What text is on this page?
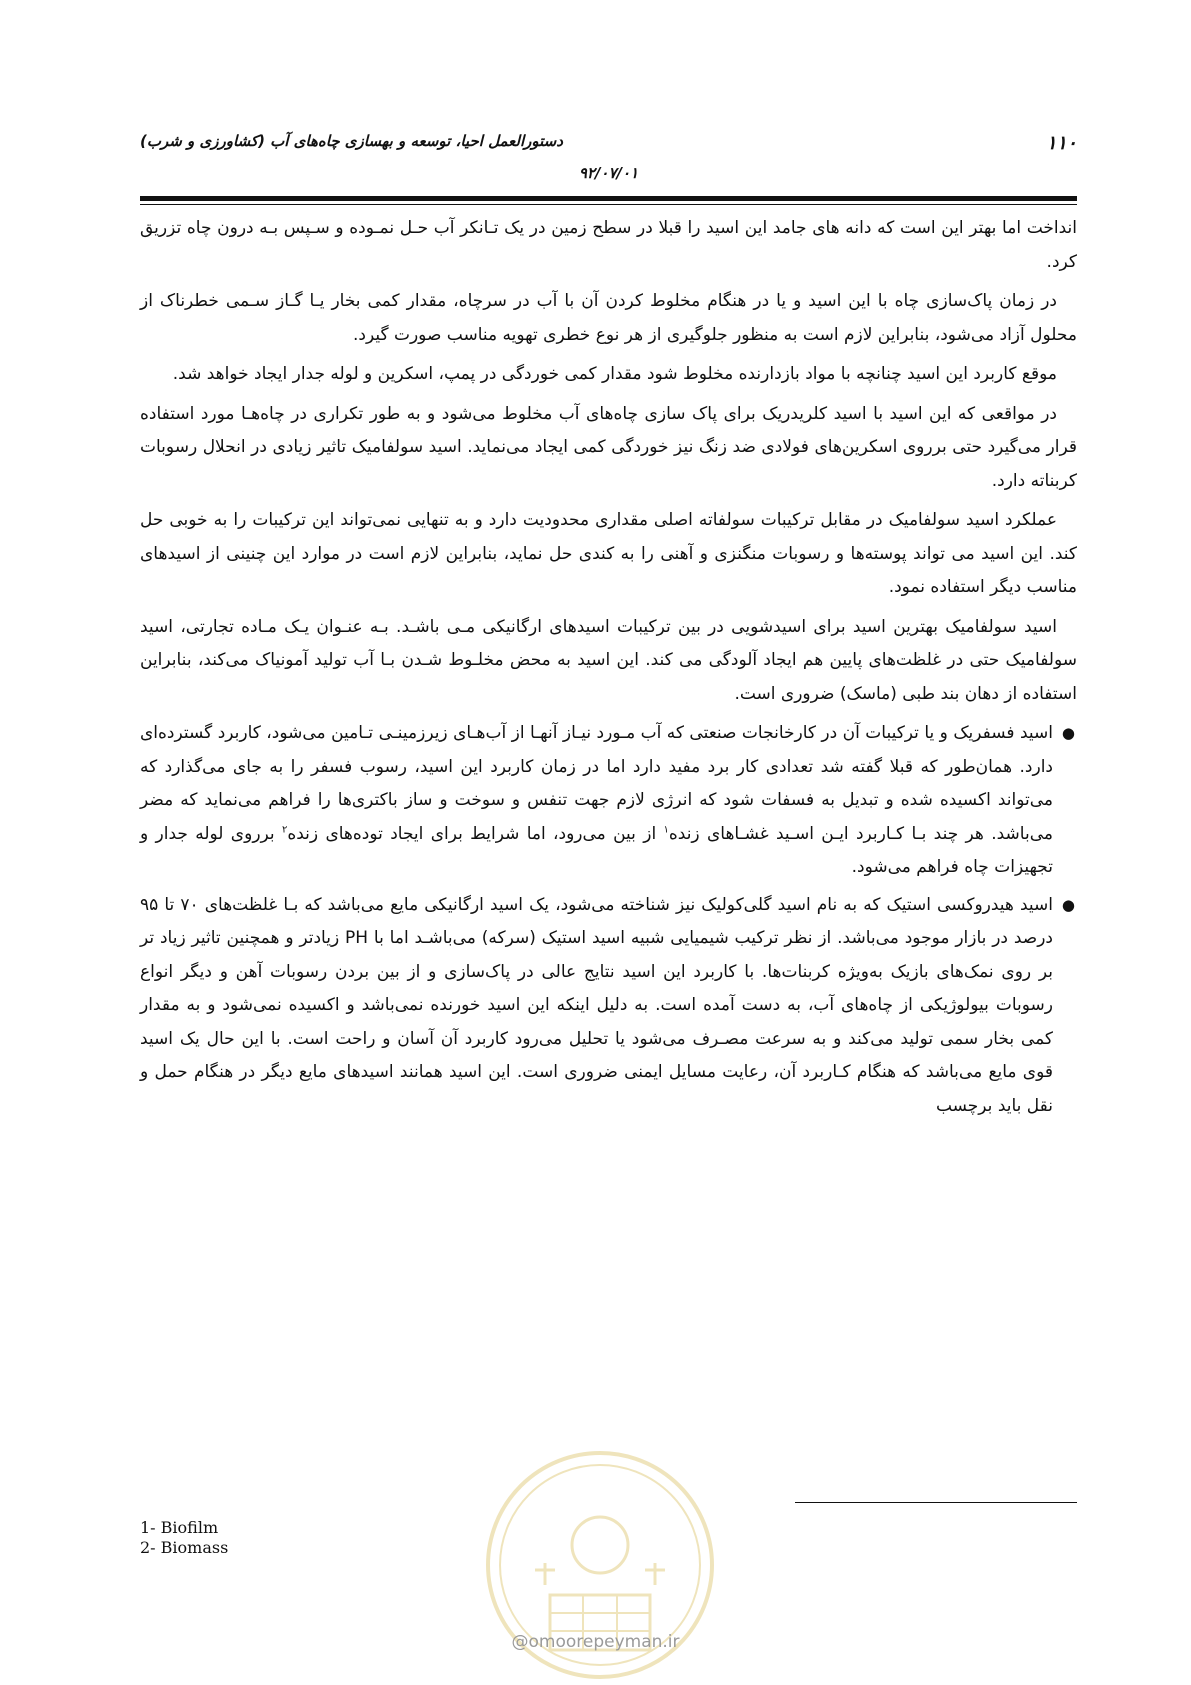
۱۱۰
دستورالعمل احیا، توسعه و بهسازی چاه‌های آب (کشاورزی و شرب)
۹۲/۰۷/۰۱

انداخت اما بهتر این است که دانه های جامد این اسید را قبلا در سطح زمین در یک تـانکر آب حـل نمـوده و سـپس بـه درون چاه تزریق کرد.

در زمان پاک‌سازی چاه با این اسید و یا در هنگام مخلوط کردن آن با آب در سرچاه، مقدار کمی بخار یـا گـاز سـمی خطرناک از محلول آزاد می‌شود، بنابراین لازم است به منظور جلوگیری از هر نوع خطری تهویه مناسب صورت گیرد.

موقع کاربرد این اسید چنانچه با مواد بازدارنده مخلوط شود مقدار کمی خوردگی در پمپ، اسکرین و لوله جدار ایجاد خواهد شد.

در مواقعی که این اسید با اسید کلریدریک برای پاک سازی چاه‌های آب مخلوط می‌شود و به طور تکراری در چاه‌هـا مورد استفاده قرار می‌گیرد حتی برروی اسکرین‌های فولادی ضد زنگ نیز خوردگی کمی ایجاد می‌نماید. اسید سولفامیک تاثیر زیادی در انحلال رسوبات کربناته دارد.

عملکرد اسید سولفامیک در مقابل ترکیبات سولفاته اصلی مقداری محدودیت دارد و به تنهایی نمی‌تواند این ترکیبات را به خوبی حل کند. این اسید می تواند پوسته‌ها و رسوبات منگنزی و آهنی را به کندی حل نماید، بنابراین لازم است در موارد این چنینی از اسیدهای مناسب دیگر استفاده نمود.

اسید سولفامیک بهترین اسید برای اسیدشویی در بین ترکیبات اسیدهای ارگانیکی مـی باشـد. بـه عنـوان یـک مـاده تجارتی، اسید سولفامیک حتی در غلظت‌های پایین هم ایجاد آلودگی می کند. این اسید به محض مخلـوط شـدن بـا آب تولید آمونیاک می‌کند، بنابراین استفاده از دهان بند طبی (ماسک) ضروری است.

●
اسید فسفریک و یا ترکیبات آن در کارخانجات صنعتی که آب مـورد نیـاز آنهـا از آب‌هـای زیرزمینـی تـامین می‌شود، کاربرد گسترده‌ای دارد. همان‌طور که قبلا گفته شد تعدادی کار برد مفید دارد اما در زمان کاربرد این اسید، رسوب فسفر را به جای می‌گذارد که می‌تواند اکسیده شده و تبدیل به فسفات شود که انرژی لازم جهت تنفس و سوخت و ساز باکتری‌ها را فراهم می‌نماید که مضر می‌باشد. هر چند بـا کـاربرد ایـن اسـید غشـاهای زنده$^۱$ از بین می‌رود، اما شرایط برای ایجاد توده‌های زنده$^۲$ برروی لوله جدار و تجهیزات چاه فراهم می‌شود.
●
اسید هیدروکسی استیک که به نام اسید گلی‌کولیک نیز شناخته می‌شود، یک اسید ارگانیکی مایع می‌باشد که بـا غلظت‌های ۷۰ تا ۹۵ درصد در بازار موجود می‌باشد. از نظر ترکیب شیمیایی شبیه اسید استیک (سرکه) می‌باشـد اما با PH زیادتر و همچنین تاثیر زیاد تر بر روی نمک‌های بازیک به‌ویژه کربنات‌ها. با کاربرد این اسید نتایج عالی در پاک‌سازی و از بین بردن رسوبات آهن و دیگر انواع رسوبات بیولوژیکی از چاه‌های آب، به دست آمده است. به دلیل اینکه این اسید خورنده نمی‌باشد و اکسیده نمی‌شود و به مقدار کمی بخار سمی تولید می‌کند و به سرعت مصـرف می‌شود یا تحلیل می‌رود کاربرد آن آسان و راحت است. با این حال یک اسید قوی مایع می‌باشد که هنگام کـاربرد آن، رعایت مسایل ایمنی ضروری است. این اسید همانند اسیدهای مایع دیگر در هنگام حمل و نقل باید برچسب
1- Biofilm
2- Biomass
@omoorepeyman.ir
